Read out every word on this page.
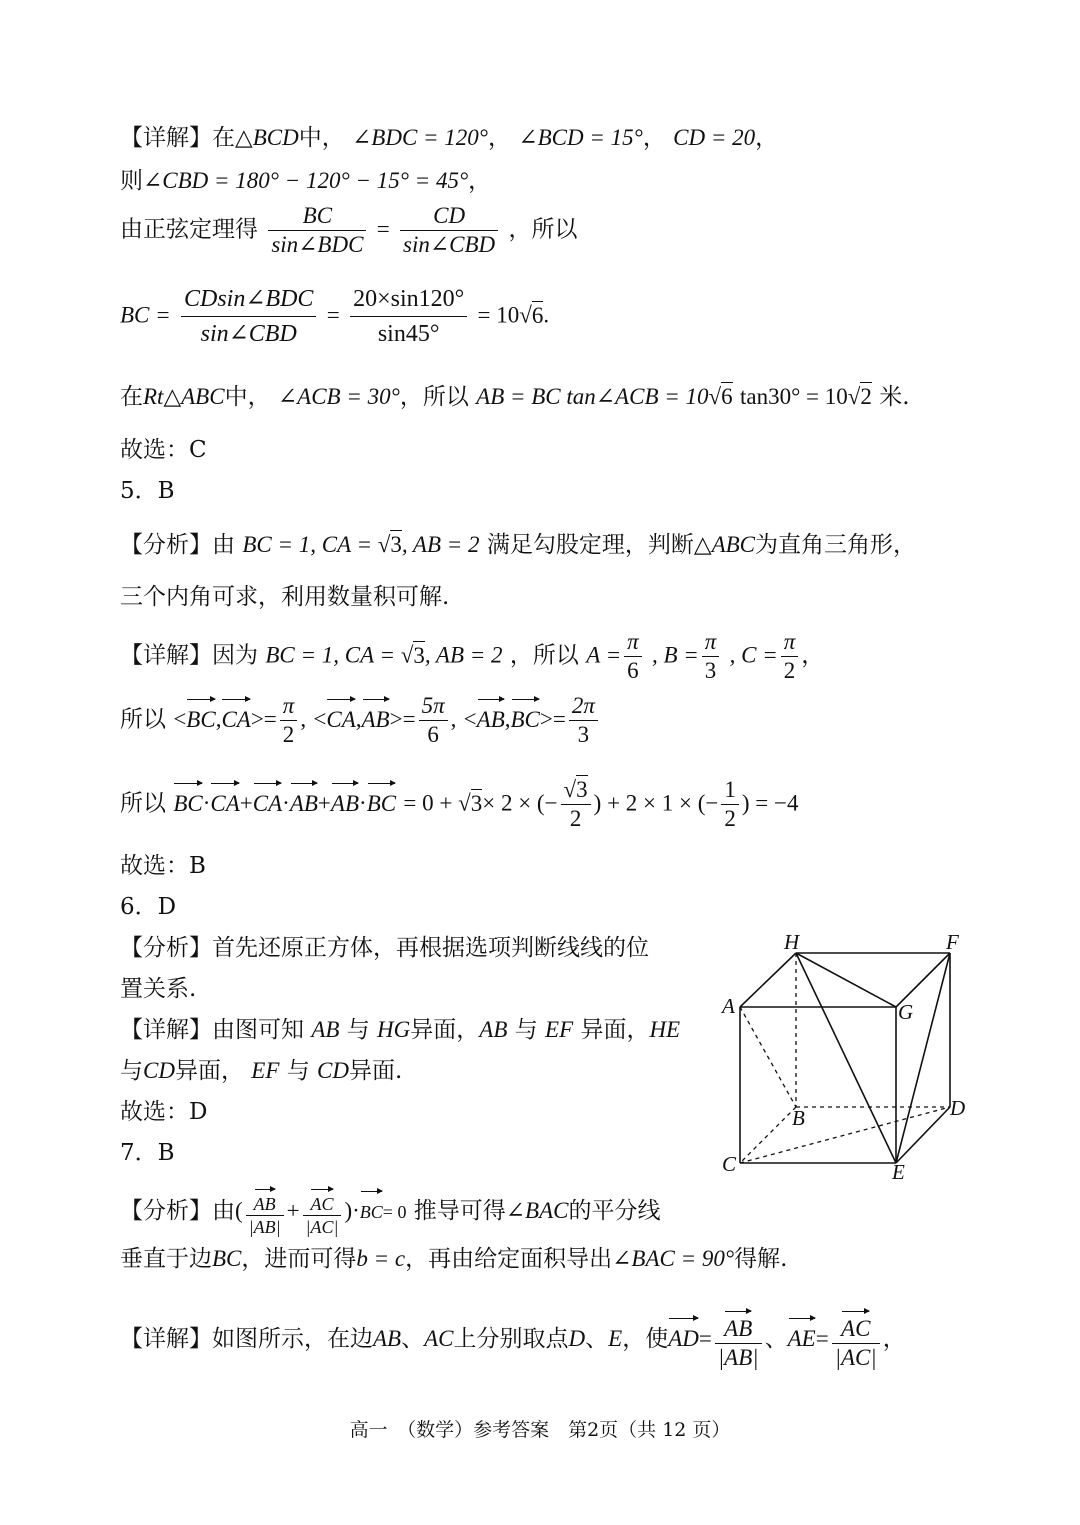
【详解】在△BCD中， ∠BDC = 120°， ∠BCD = 15°， CD = 20，
则∠CBD = 180° − 120° − 15° = 45°，
由正弦定理得 $\frac{BC}{\text{sin∠BDC}} = \frac{CD}{\text{sin∠CBD}}$ ，所以
BC = $\frac{\text{CDsin∠BDC}}{\text{sin∠CBD}} = \frac{20\times\sin 120^\circ}{\sin 45^\circ} = 10√6$.
在Rt△ABC中， ∠ACB = 30°，所以 AB = BC tan∠ACB = 10√6 tan30° = 10√2 米.
故选：C
5．B
【分析】由 BC = 1, CA = √3, AB = 2 满足勾股定理，判断△ABC为直角三角形，
三个内角可求，利用数量积可解.
【详解】因为 BC = 1, CA = √3, AB = 2 ，所以 $A = \frac{\pi}{6}$ , $B = \frac{\pi}{3}$ , $C = \frac{\pi}{2}$ ，
所以 $<BC,CA>= \frac{\pi}{2}$ , $<CA,AB>= \frac{5\pi}{6}$ , $<AB,BC>= \frac{2\pi}{3}$
所以 BC·CA+CA·AB+AB·BC = 0 + √3× 2 × (− $\frac{√3}{2}$ ) + 2 × 1 × (− $\frac{1}{2}$ ) = −4
故选：B
6．D
【分析】首先还原正方体，再根据选项判断线线的位
置关系.
【详解】由图可知 AB 与 HG异面，AB 与 EF 异面，HE
与CD异面， EF 与 CD异面.
故选：D
H	F
A	G
B	D
C	E
7．B
【分析】由( $\frac{AB}{|AB|} + \frac{AC}{|AC|} )\cdot BC= 0$ 推导可得∠BAC的平分线
垂直于边BC，进而可得b = c，再由给定面积导出∠BAC = 90°得解.
【详解】如图所示，在边AB、AC上分别取点D、E，使$AD= \frac{AB}{|AB|}$ 、$AE= \frac{AC}{|AC|}$ ，
高一　（数学）参考答案　第2页（共 12 页）
